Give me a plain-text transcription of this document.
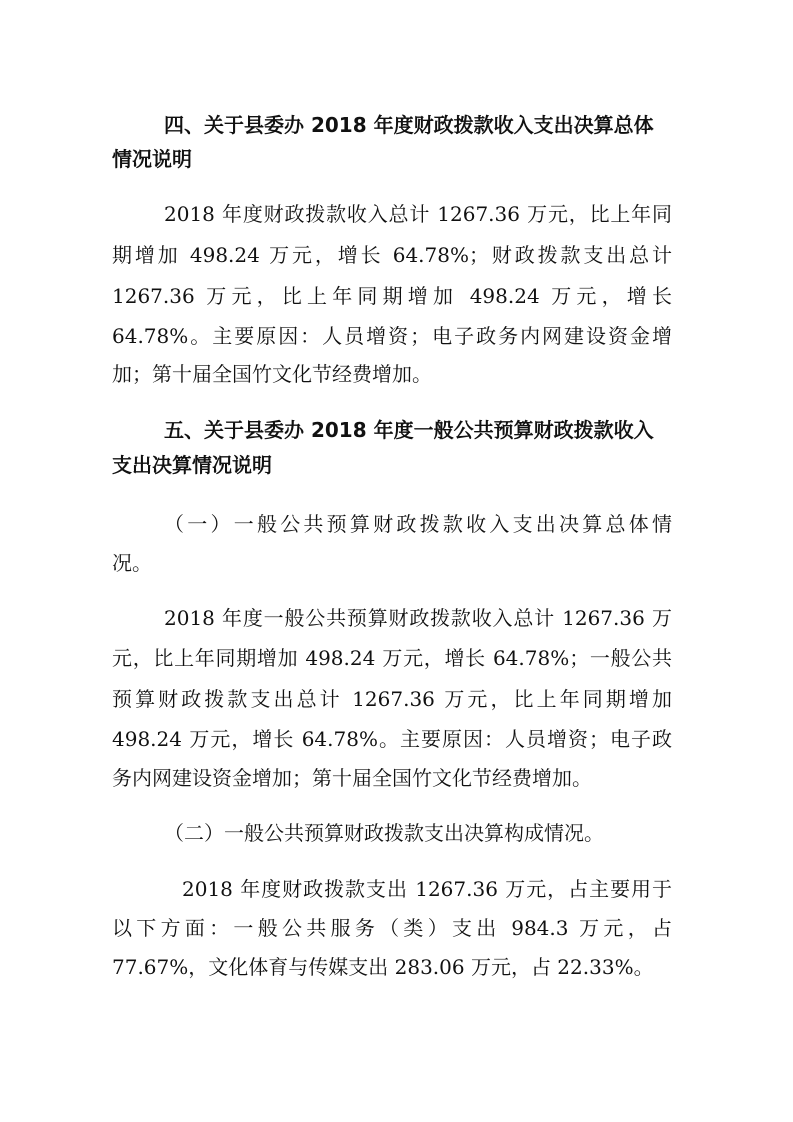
四、关于县委办 2018 年度财政拨款收入支出决算总体
情况说明
2018 年度财政拨款收入总计 1267.36 万元，比上年同
期增加 498.24 万元，增长 64.78%；财政拨款支出总计
1267.36 万元，比上年同期增加 498.24 万元，增长
64.78%。主要原因：人员增资；电子政务内网建设资金增
加；第十届全国竹文化节经费增加。
五、关于县委办 2018 年度一般公共预算财政拨款收入
支出决算情况说明
（一）一般公共预算财政拨款收入支出决算总体情
况。
2018 年度一般公共预算财政拨款收入总计 1267.36 万
元，比上年同期增加 498.24 万元，增长 64.78%；一般公共
预算财政拨款支出总计 1267.36 万元，比上年同期增加
498.24 万元，增长 64.78%。主要原因：人员增资；电子政
务内网建设资金增加；第十届全国竹文化节经费增加。
（二）一般公共预算财政拨款支出决算构成情况。
2018 年度财政拨款支出 1267.36 万元，占主要用于
以下方面：一般公共服务（类）支出 984.3 万元，占
77.67%，文化体育与传媒支出 283.06 万元，占 22.33%。
